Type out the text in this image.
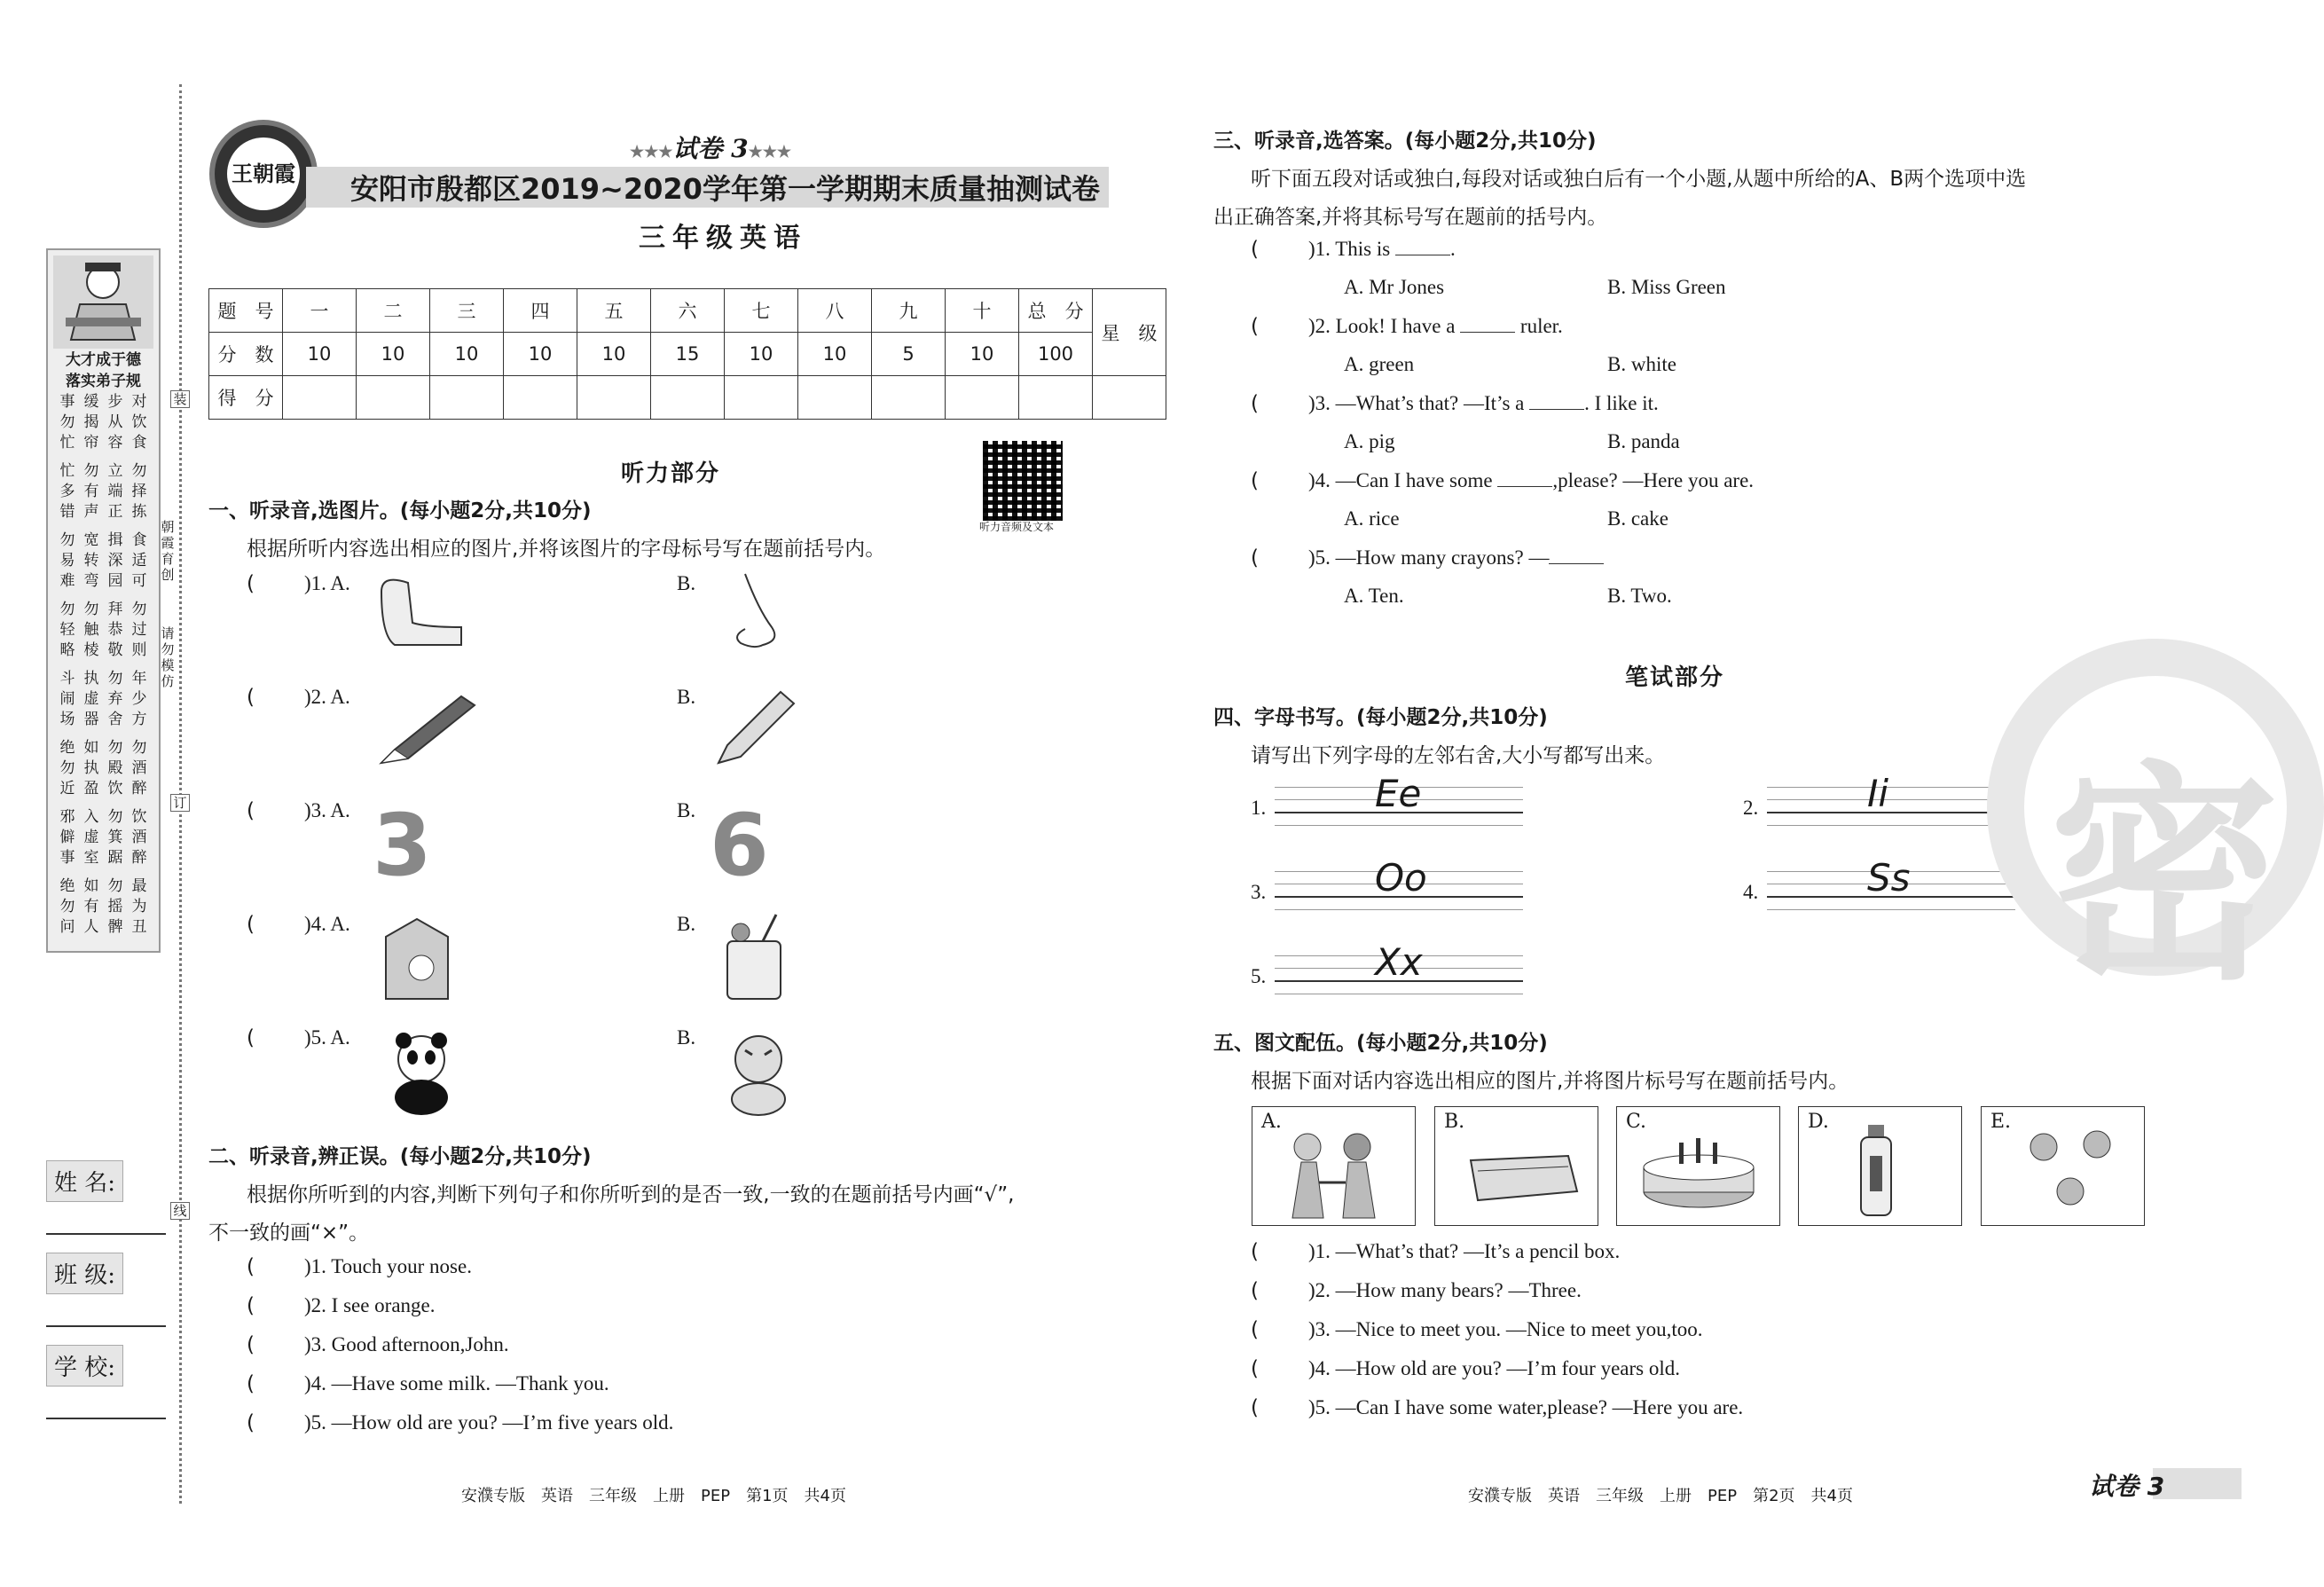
大才成于德
落实弟子规
事勿忙
缓揭帘
步从容
对饮食
忙多错
勿有声
立端正
勿择拣
勿易难
宽转弯
揖深园
食适可
勿轻略
勿触棱
拜恭敬
勿过则
斗闹场
执虚器
勿弃舍
年少方
绝勿近
如执盈
勿殿饮
勿酒醉
邪僻事
入虚室
勿箕踞
饮酒醉
绝勿问
如有人
勿摇髀
最为丑
朝霞育创
请勿模仿
装
订
线
姓 名:
班 级:
学 校:
王朝霞
★★★试卷 3★★★
安阳市殷都区2019~2020学年第一学期期末质量抽测试卷
三年级英语
题　号	一	二	三	四	五	六	七	八	九	十	总　分	星　级
分　数	10	10	10	10	10	15	10	10	5	10	100	
得　分												
听力部分
听力音频及文本
一、听录音,选图片。(每小题2分,共10分)
根据所听内容选出相应的图片,并将该图片的字母标号写在题前括号内。
( )1. A.	B.
( )2. A.	B.
( )3. A.	B.
3	6
( )4. A.	B.
( )5. A.	B.
二、听录音,辨正误。(每小题2分,共10分)
根据你所听到的内容,判断下列句子和你所听到的是否一致,一致的在题前括号内画“√”,
不一致的画“×”。
( )1. Touch your nose.
( )2. I see orange.
( )3. Good afternoon,John.
( )4. —Have some milk. —Thank you.
( )5. —How old are you? —I’m five years old.
三、听录音,选答案。(每小题2分,共10分)
听下面五段对话或独白,每段对话或独白后有一个小题,从题中所给的A、B两个选项中选
出正确答案,并将其标号写在题前的括号内。
( )1. This is	.
A. Mr Jones	B. Miss Green
( )2. Look! I have a	ruler.
A. green	B. white
( )3. —What’s that? —It’s a	. I like it.
A. pig	B. panda
( )4. —Can I have some	,please? —Here you are.
A. rice	B. cake
( )5. —How many crayons? —
A. Ten.	B. Two.
笔试部分
四、字母书写。(每小题2分,共10分)
请写出下列字母的左邻右舍,大小写都写出来。
1.	Ee	2.	Ii
3.	Oo	4.	Ss
5.	Xx
五、图文配伍。(每小题2分,共10分)
根据下面对话内容选出相应的图片,并将图片标号写在题前括号内。
A.	B.	C.	D.	E.
( )1. —What’s that? —It’s a pencil box.
( )2. —How many bears? —Three.
( )3. —Nice to meet you. —Nice to meet you,too.
( )4. —How old are you? —I’m four years old.
( )5. —Can I have some water,please? —Here you are.
密
安濮专版　英语　三年级　上册　PEP　第1页　共4页	安濮专版　英语　三年级　上册　PEP　第2页　共4页	试卷 3
